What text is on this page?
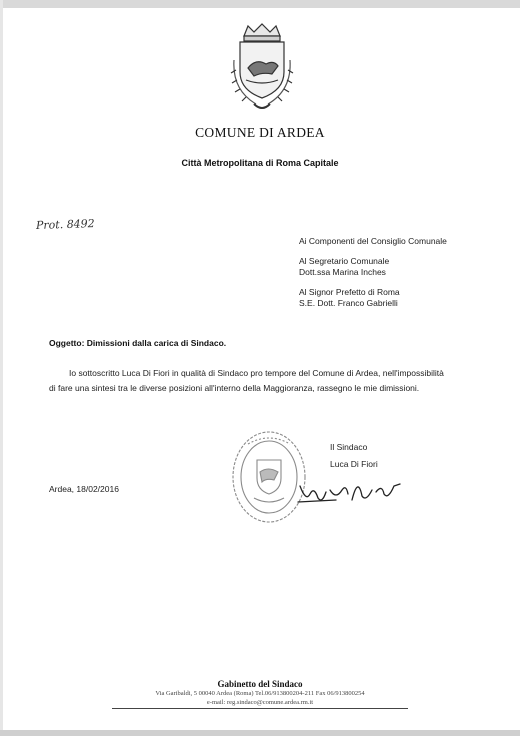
COMUNE DI ARDEA
Città Metropolitana di Roma Capitale
Prot. 8492
Ai Componenti del Consiglio Comunale
Al Segretario Comunale
Dott.ssa Marina Inches
Al Signor Prefetto di Roma
S.E. Dott. Franco Gabrielli
Oggetto: Dimissioni dalla carica di Sindaco.
Io sottoscritto Luca Di Fiori in qualità di Sindaco pro tempore del Comune di Ardea, nell'impossibilità
di fare una sintesi tra le diverse posizioni all'interno della Maggioranza, rassegno le mie dimissioni.
Ardea, 18/02/2016
Il Sindaco
Luca Di Fiori
Gabinetto del Sindaco
Via Garibaldi, 5 00040 Ardea (Roma) Tel.06/913800204-211 Fax 06/913800254
e-mail: reg.sindaco@comune.ardea.rm.it
